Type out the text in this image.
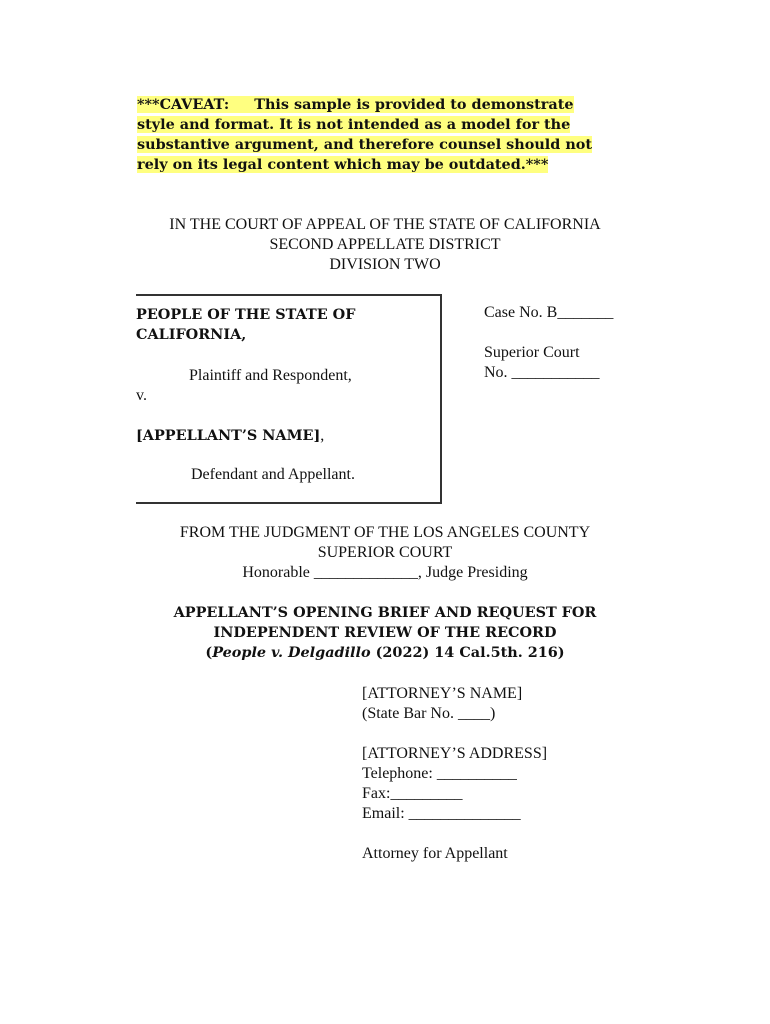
***CAVEAT: This sample is provided to demonstrate
style and format. It is not intended as a model for the
substantive argument, and therefore counsel should not
rely on its legal content which may be outdated.***
IN THE COURT OF APPEAL OF THE STATE OF CALIFORNIA
SECOND APPELLATE DISTRICT
DIVISION TWO
PEOPLE OF THE STATE OF
CALIFORNIA,
Plaintiff and Respondent,
v.
[APPELLANT’S NAME],
Defendant and Appellant.
Case No. B_______
Superior Court
No. ___________
FROM THE JUDGMENT OF THE LOS ANGELES COUNTY
SUPERIOR COURT
Honorable _____________, Judge Presiding
APPELLANT’S OPENING BRIEF AND REQUEST FOR
INDEPENDENT REVIEW OF THE RECORD
(People v. Delgadillo (2022) 14 Cal.5th. 216)
[ATTORNEY’S NAME]
(State Bar No. ____)
[ATTORNEY’S ADDRESS]
Telephone: __________
Fax:_________
Email: ______________
Attorney for Appellant
